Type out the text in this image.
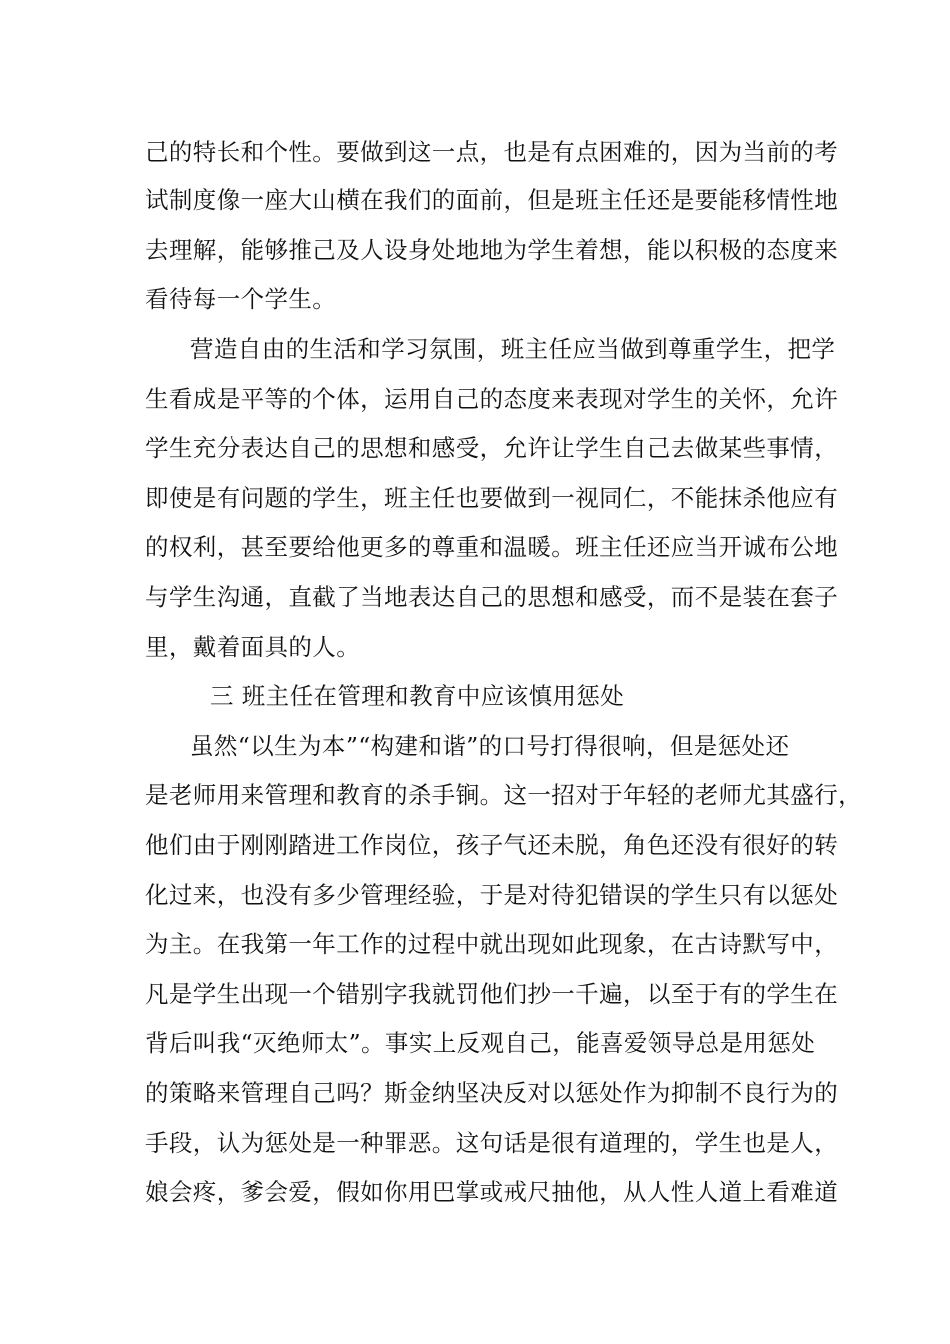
己的特长和个性。要做到这一点，也是有点困难的，因为当前的考
试制度像一座大山横在我们的面前，但是班主任还是要能移情性地
去理解，能够推己及人设身处地地为学生着想，能以积极的态度来
看待每一个学生。
营造自由的生活和学习氛围，班主任应当做到尊重学生，把学
生看成是平等的个体，运用自己的态度来表现对学生的关怀，允许
学生充分表达自己的思想和感受，允许让学生自己去做某些事情，
即使是有问题的学生，班主任也要做到一视同仁，不能抹杀他应有
的权利，甚至要给他更多的尊重和温暖。班主任还应当开诚布公地
与学生沟通，直截了当地表达自己的思想和感受，而不是装在套子
里，戴着面具的人。
三 班主任在管理和教育中应该慎用惩处
虽然“以生为本”“构建和谐”的口号打得很响，但是惩处还
是老师用来管理和教育的杀手锏。这一招对于年轻的老师尤其盛行，
他们由于刚刚踏进工作岗位，孩子气还未脱，角色还没有很好的转
化过来，也没有多少管理经验，于是对待犯错误的学生只有以惩处
为主。在我第一年工作的过程中就出现如此现象，在古诗默写中，
凡是学生出现一个错别字我就罚他们抄一千遍，以至于有的学生在
背后叫我“灭绝师太”。事实上反观自己，能喜爱领导总是用惩处
的策略来管理自己吗？斯金纳坚决反对以惩处作为抑制不良行为的
手段，认为惩处是一种罪恶。这句话是很有道理的，学生也是人，
娘会疼，爹会爱，假如你用巴掌或戒尺抽他，从人性人道上看难道
